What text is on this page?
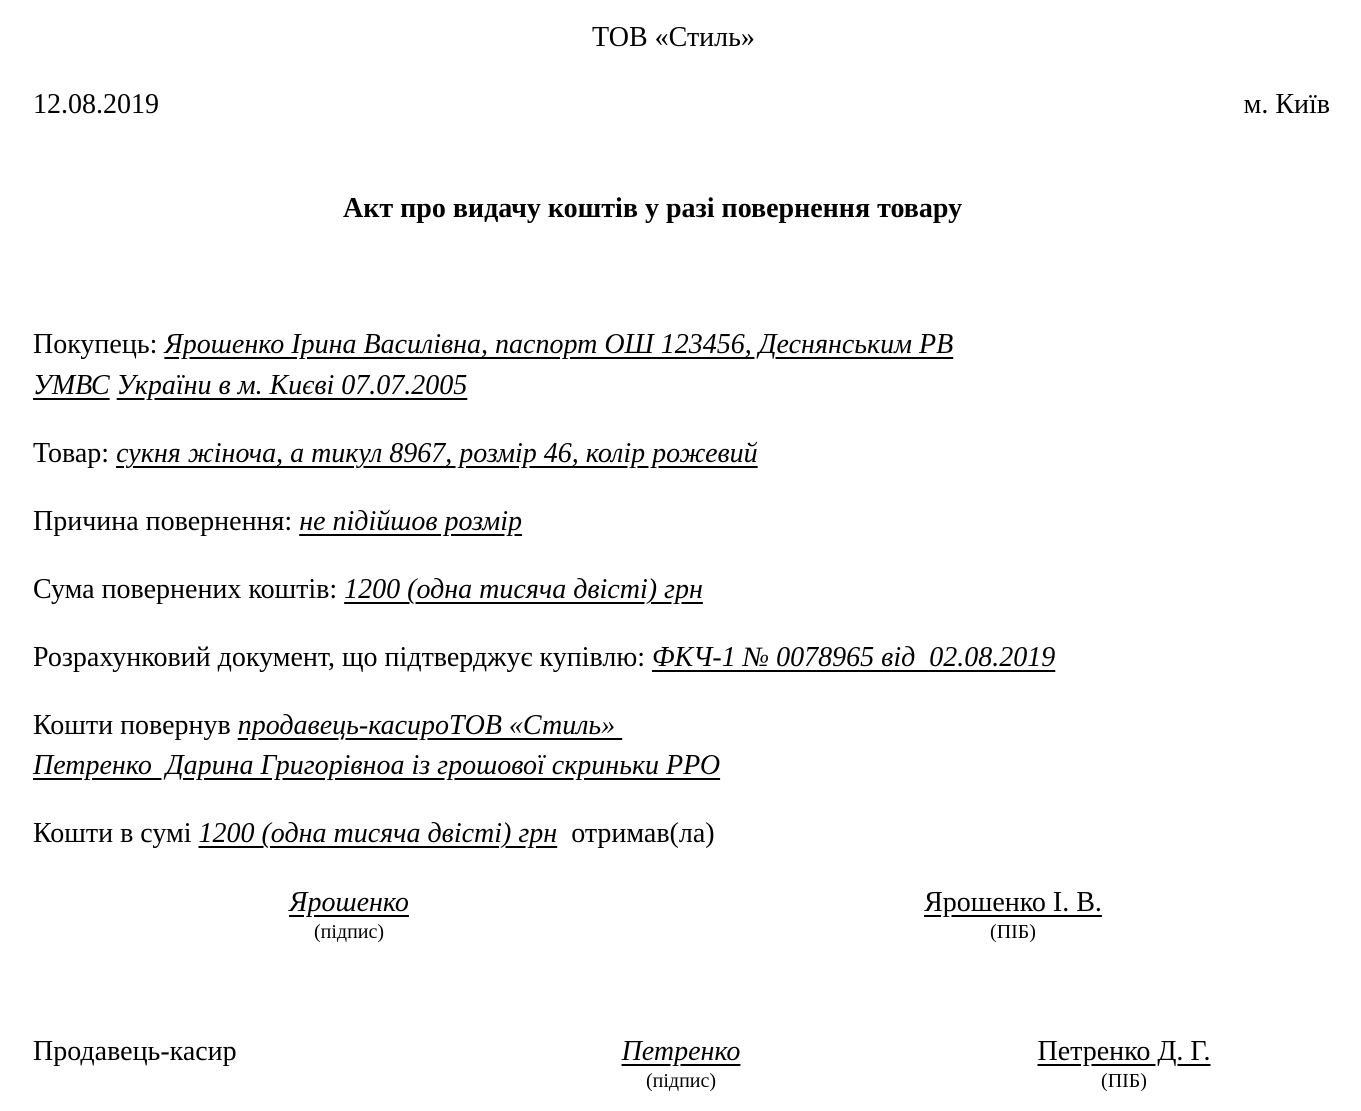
ТОВ «Стиль»
12.08.2019	м. Київ
Акт про видачу коштів у разі повернення товару
Покупець: Ярошенко Ірина Василівна, паспорт ОШ 123456, Деснянським РВ
УМВС України в м. Києві 07.07.2005
Товар: сукня жіноча, а тикул 8967, розмір 46, колір рожевий
Причина повернення: не підійшов розмір
Сума повернених коштів: 1200 (одна тисяча двісті) грн
Розрахунковий документ, що підтверджує купівлю: ФКЧ-1 № 0078965 від  02.08.2019
Кошти повернув продавець-касироТОВ «Стиль»
Петренко  Дарина Григорівноа із грошової скриньки РРО
Кошти в сумі 1200 (одна тисяча двісті) грн отримав(ла)
Ярошенко
(підпис)
Ярошенко І. В.
(ПІБ)
Продавець-касир	Петренко
(підпис)
Петренко Д. Г.
(ПІБ)
